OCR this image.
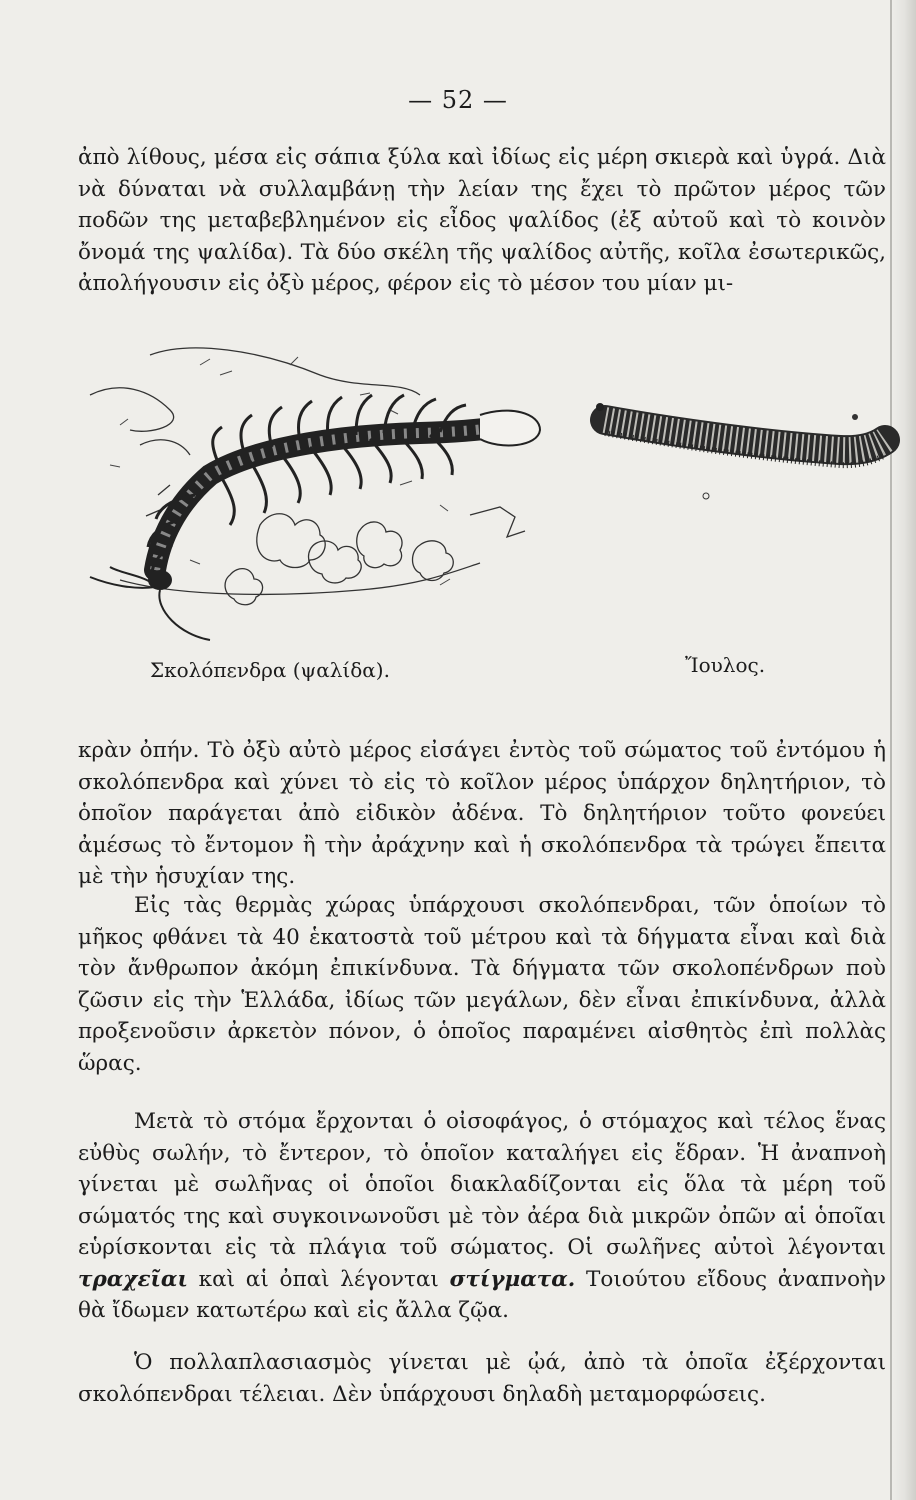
— 52 —

ἀπὸ λίθους, μέσα εἰς σάπια ξύλα καὶ ἰδίως εἰς μέρη σκιερὰ καὶ ὑγρά. Διὰ νὰ δύναται νὰ συλλαμβάνῃ τὴν λείαν της ἔχει τὸ πρῶτον μέρος τῶν ποδῶν της μεταβεβλημένον εἰς εἶδος ψαλίδος (ἐξ αὐτοῦ καὶ τὸ κοινὸν ὄνομά της ψαλίδα). Τὰ δύο σκέλη τῆς ψαλίδος αὐτῆς, κοῖλα ἐσωτερικῶς, ἀπολήγουσιν εἰς ὀξὺ μέρος, φέρον εἰς τὸ μέσον του μίαν μι-

Σκολόπενδρα (ψαλίδα).	Ἴουλος.

κρὰν ὀπήν. Τὸ ὀξὺ αὐτὸ μέρος εἰσάγει ἐντὸς τοῦ σώματος τοῦ ἐντόμου ἡ σκολόπενδρα καὶ χύνει τὸ εἰς τὸ κοῖλον μέρος ὑπάρχον δηλητήριον, τὸ ὁποῖον παράγεται ἀπὸ εἰδικὸν ἀδένα. Τὸ δηλητήριον τοῦτο φονεύει ἀμέσως τὸ ἔντομον ἢ τὴν ἀράχνην καὶ ἡ σκολόπενδρα τὰ τρώγει ἔπειτα μὲ τὴν ἡσυχίαν της.

Εἰς τὰς θερμὰς χώρας ὑπάρχουσι σκολόπενδραι, τῶν ὁποίων τὸ μῆκος φθάνει τὰ 40 ἑκατοστὰ τοῦ μέτρου καὶ τὰ δήγματα εἶναι καὶ διὰ τὸν ἄνθρωπον ἀκόμη ἐπικίνδυνα. Τὰ δήγματα τῶν σκολοπένδρων ποὺ ζῶσιν εἰς τὴν Ἑλλάδα, ἰδίως τῶν μεγάλων, δὲν εἶναι ἐπικίνδυνα, ἀλλὰ προξενοῦσιν ἀρκετὸν πόνον, ὁ ὁποῖος παραμένει αἰσθητὸς ἐπὶ πολλὰς ὥρας.

Μετὰ τὸ στόμα ἔρχονται ὁ οἰσοφάγος, ὁ στόμαχος καὶ τέλος ἕνας εὐθὺς σωλήν, τὸ ἔντερον, τὸ ὁποῖον καταλήγει εἰς ἕδραν. Ἡ ἀναπνοὴ γίνεται μὲ σωλῆνας οἱ ὁποῖοι διακλαδίζονται εἰς ὅλα τὰ μέρη τοῦ σώματός της καὶ συγκοινωνοῦσι μὲ τὸν ἀέρα διὰ μικρῶν ὀπῶν αἱ ὁποῖαι εὑρίσκονται εἰς τὰ πλάγια τοῦ σώματος. Οἱ σωλῆνες αὐτοὶ λέγονται τραχεῖαι καὶ αἱ ὀπαὶ λέγονται στίγματα. Τοιούτου εἴδους ἀναπνοὴν θὰ ἴδωμεν κατωτέρω καὶ εἰς ἄλλα ζῷα.

Ὁ πολλαπλασιασμὸς γίνεται μὲ ᾠά, ἀπὸ τὰ ὁποῖα ἐξέρχονται σκολόπενδραι τέλειαι. Δὲν ὑπάρχουσι δηλαδὴ μεταμορφώσεις.
